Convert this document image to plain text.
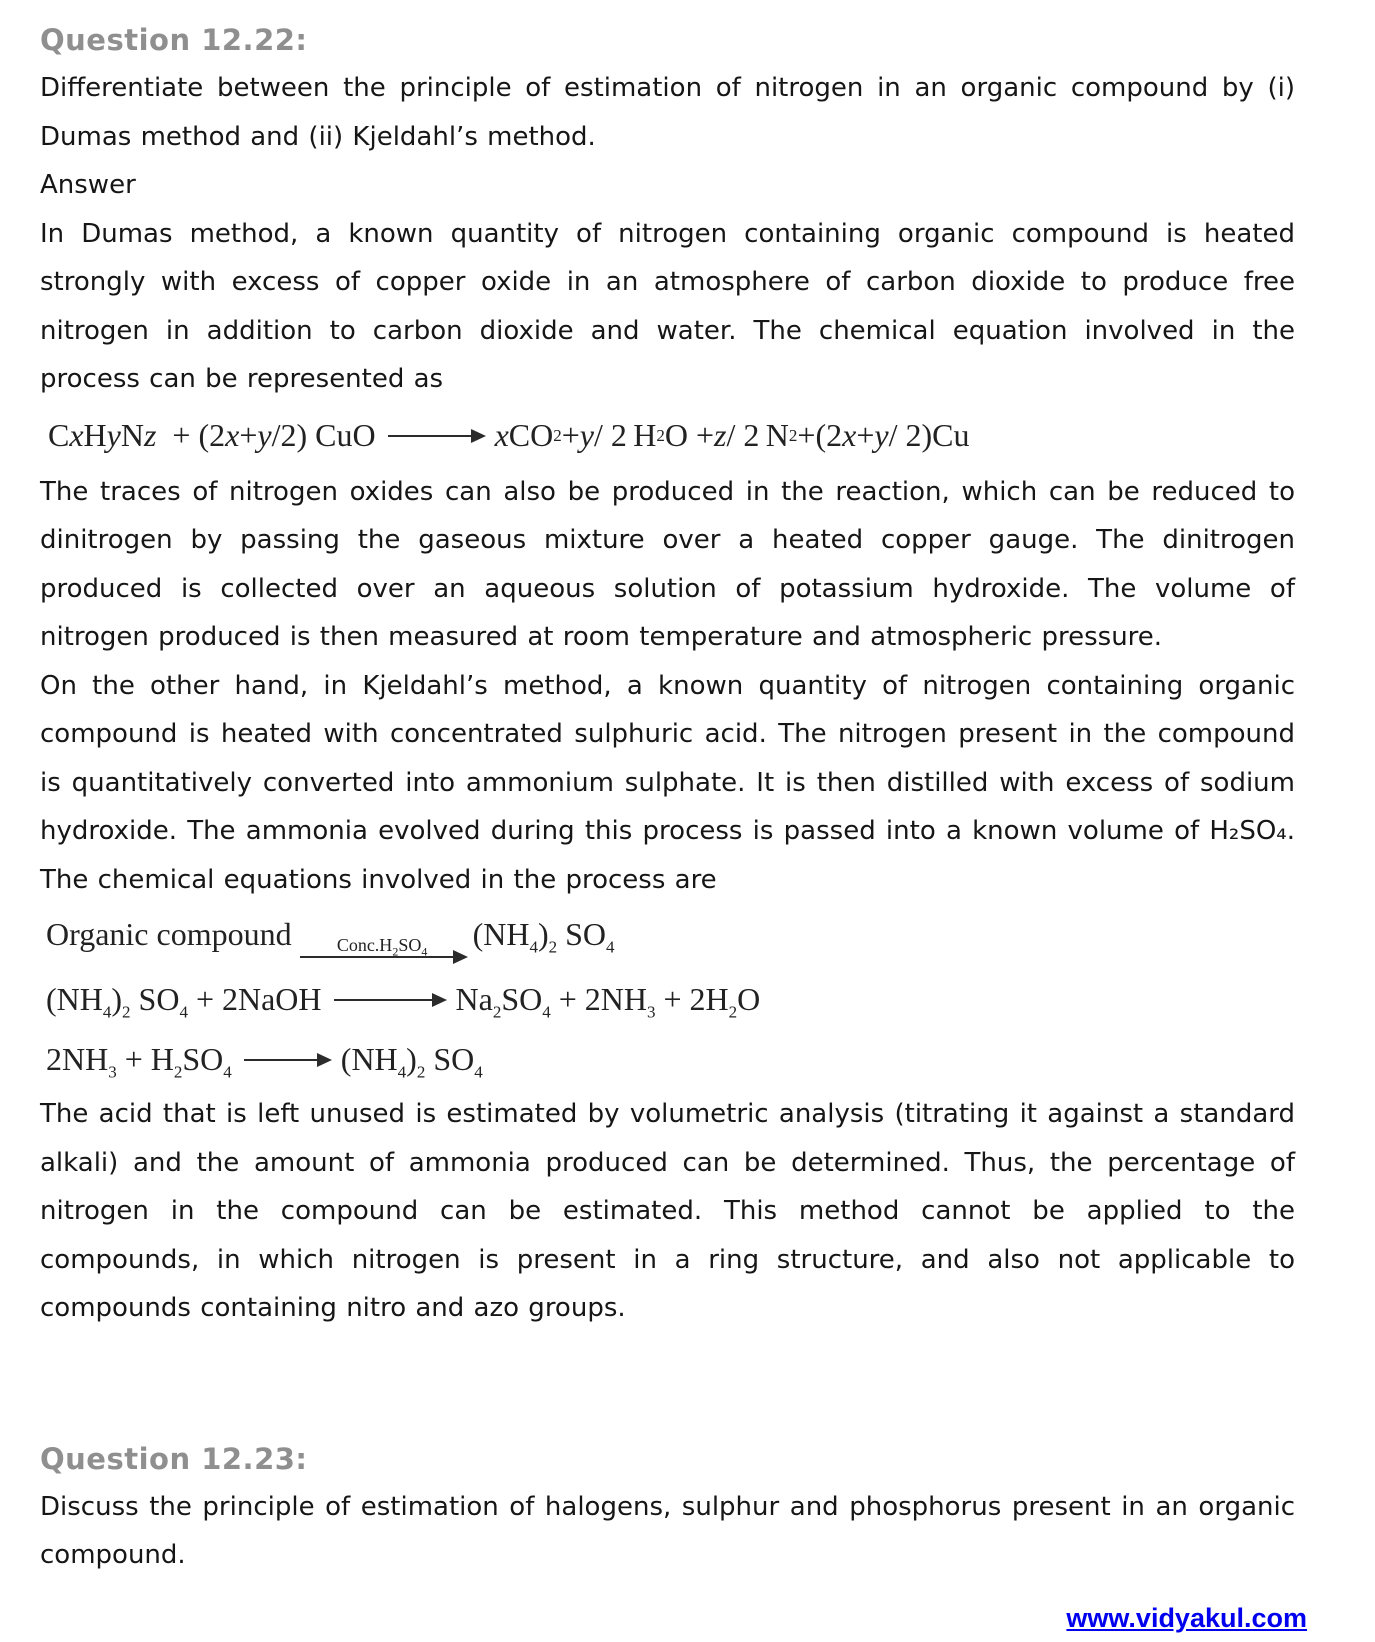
Question 12.22:

Differentiate between the principle of estimation of nitrogen in an organic compound by (i) Dumas method and (ii) Kjeldahl’s method.

Answer

In Dumas method, a known quantity of nitrogen containing organic compound is heated strongly with excess of copper oxide in an atmosphere of carbon dioxide to produce free nitrogen in addition to carbon dioxide and water. The chemical equation involved in the process can be represented as

C x H y N z  + (2 x + y /2) CuO → x CO 2 + y / 2 H 2 O + z / 2 N 2 +(2 x + y / 2)Cu

The traces of nitrogen oxides can also be produced in the reaction, which can be reduced to dinitrogen by passing the gaseous mixture over a heated copper gauge. The dinitrogen produced is collected over an aqueous solution of potassium hydroxide. The volume of nitrogen produced is then measured at room temperature and atmospheric pressure.

On the other hand, in Kjeldahl’s method, a known quantity of nitrogen containing organic compound is heated with concentrated sulphuric acid. The nitrogen present in the compound is quantitatively converted into ammonium sulphate. It is then distilled with excess of sodium hydroxide. The ammonia evolved during this process is passed into a known volume of H₂SO₄. The chemical equations involved in the process are

Organic compound	$Conc.H_2SO_4$ $(NH_4)_2$ $SO_4$
$(NH_4)_2$ $SO_4$ + 2NaOH → $Na_2SO_4 + 2NH_3 + 2H_2O$
$2NH_3 + H_2SO_4 \to (NH_4)_2$ $SO_4$

The acid that is left unused is estimated by volumetric analysis (titrating it against a standard alkali) and the amount of ammonia produced can be determined. Thus, the percentage of nitrogen in the compound can be estimated. This method cannot be applied to the compounds, in which nitrogen is present in a ring structure, and also not applicable to compounds containing nitro and azo groups.

Question 12.23:

Discuss the principle of estimation of halogens, sulphur and phosphorus present in an organic compound.

www.vidyakul.com
